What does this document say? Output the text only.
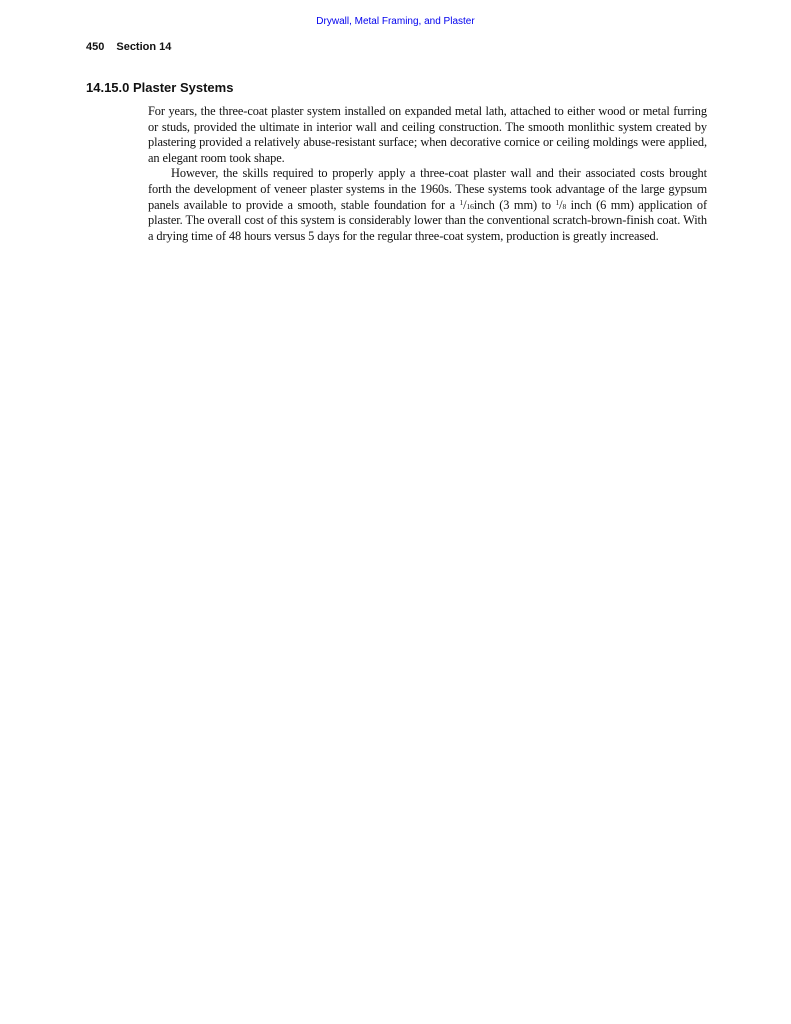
Drywall, Metal Framing, and Plaster
450 Section 14
14.15.0 Plaster Systems

For years, the three-coat plaster system installed on expanded metal lath, attached to either wood or metal furring or studs, provided the ultimate in interior wall and ceiling construction. The smooth monlithic system created by plastering provided a relatively abuse-resistant surface; when decorative cornice or ceiling moldings were applied, an elegant room took shape.

However, the skills required to properly apply a three-coat plaster wall and their associated costs brought forth the development of veneer plaster systems in the 1960s. These systems took advantage of the large gypsum panels available to provide a smooth, stable foundation for a $^1$/16inch (3 mm) to $^1$/8 inch (6 mm) application of plaster. The overall cost of this system is considerably lower than the conventional scratch-brown-finish coat. With a drying time of 48 hours versus 5 days for the regular three-coat system, production is greatly increased.
